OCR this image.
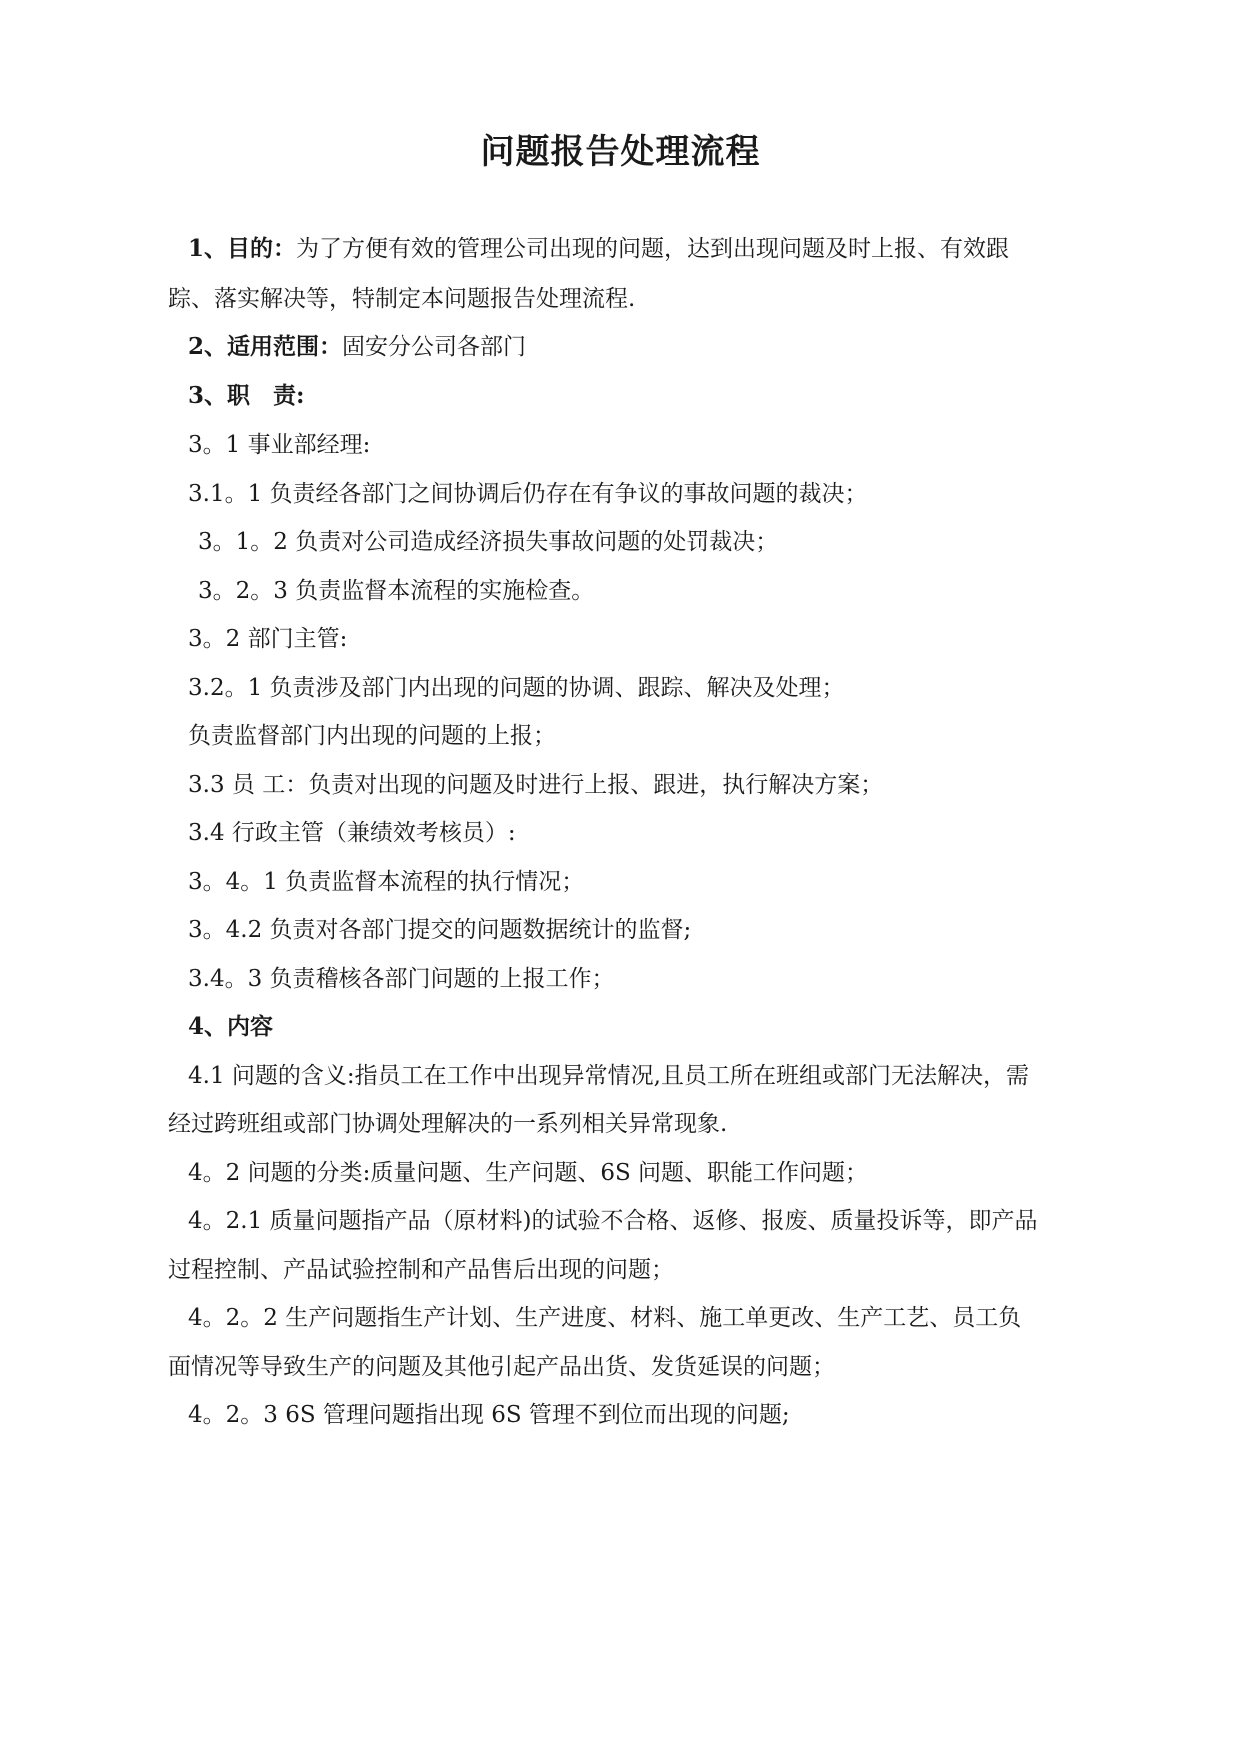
问题报告处理流程
1、目的：为了方便有效的管理公司出现的问题，达到出现问题及时上报、有效跟
踪、落实解决等，特制定本问题报告处理流程.
2、适用范围：固安分公司各部门
3、职　责:
3。1 事业部经理:
3.1。1 负责经各部门之间协调后仍存在有争议的事故问题的裁决；
3。1。2 负责对公司造成经济损失事故问题的处罚裁决；
3。2。3 负责监督本流程的实施检查。
3。2 部门主管:
3.2。1 负责涉及部门内出现的问题的协调、跟踪、解决及处理；
负责监督部门内出现的问题的上报；
3.3 员 工：负责对出现的问题及时进行上报、跟进，执行解决方案；
3.4 行政主管（兼绩效考核员）:
3。4。1 负责监督本流程的执行情况；
3。4.2 负责对各部门提交的问题数据统计的监督;
3.4。3 负责稽核各部门问题的上报工作；
4、内容
4.1 问题的含义:指员工在工作中出现异常情况,且员工所在班组或部门无法解决，需
经过跨班组或部门协调处理解决的一系列相关异常现象.
4。2 问题的分类:质量问题、生产问题、6S 问题、职能工作问题；
4。2.1 质量问题指产品（原材料)的试验不合格、返修、报废、质量投诉等，即产品
过程控制、产品试验控制和产品售后出现的问题；
4。2。2 生产问题指生产计划、生产进度、材料、施工单更改、生产工艺、员工负
面情况等导致生产的问题及其他引起产品出货、发货延误的问题；
4。2。3 6S 管理问题指出现 6S 管理不到位而出现的问题;
